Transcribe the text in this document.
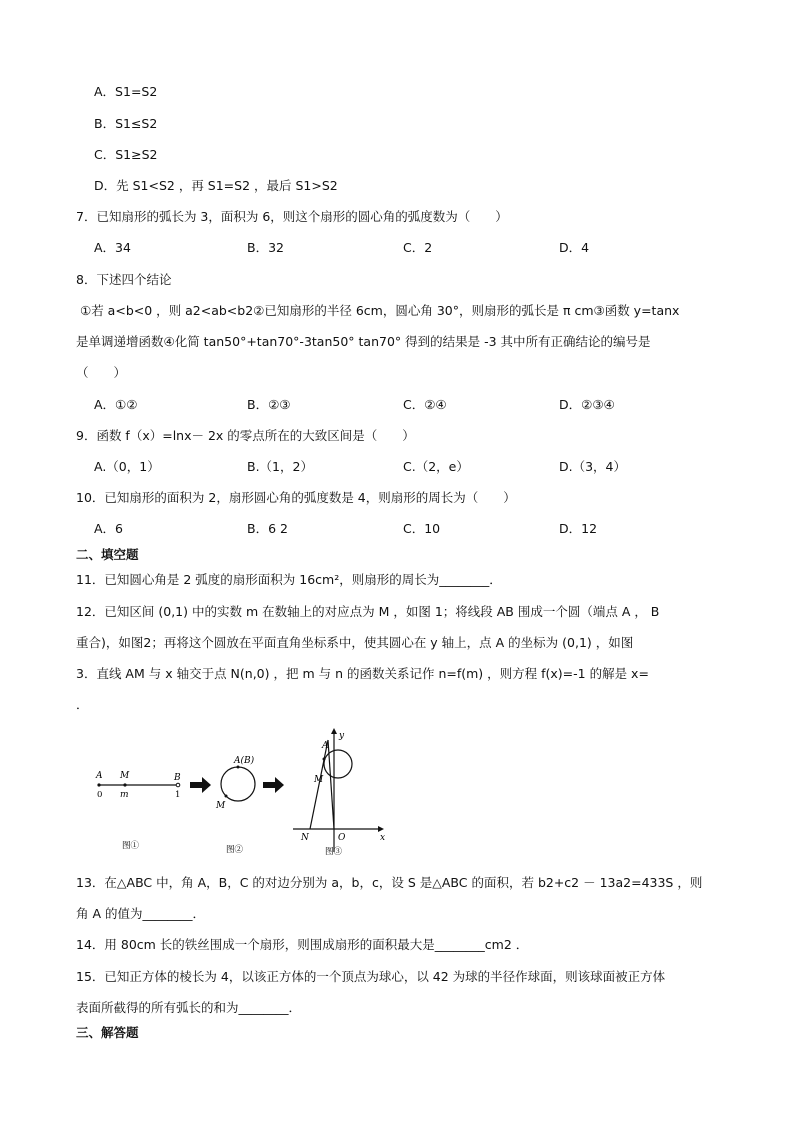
A．S1=S2
B．S1≤S2
C．S1≥S2
D．先 S1<S2 ，再 S1=S2 ，最后 S1>S2
7．已知扇形的弧长为 3，面积为 6，则这个扇形的圆心角的弧度数为（　　）
A．34	B．32	C．2	D．4
8．下述四个结论
①若 a<b<0 ，则 a2<ab<b2②已知扇形的半径 6cm，圆心角 30°，则扇形的弧长是 π cm③函数 y=tanx
是单调递增函数④化简 tan50°+tan70°-3tan50° tan70° 得到的结果是 -3 其中所有正确结论的编号是
（　　）
A．①②	B．②③	C．②④	D．②③④
9．函数 f（x）=lnx－ 2x 的零点所在的大致区间是（　　）
A.（0，1）	B.（1，2）	C.（2，e）	D.（3，4）
10．已知扇形的面积为 2，扇形圆心角的弧度数是 4，则扇形的周长为（　　）
A．6	B．6 2	C．10	D．12
二、填空题
11．已知圆心角是 2 弧度的扇形面积为 16cm²，则扇形的周长为________．
12．已知区间 (0,1) 中的实数 m 在数轴上的对应点为 M ，如图 1；将线段 AB 围成一个圆（端点 A ， B
重合)，如图2；再将这个圆放在平面直角坐标系中，使其圆心在 y 轴上，点 A 的坐标为 (0,1) ，如图
3．直线 AM 与 x 轴交于点 N(n,0) ，把 m 与 n 的函数关系记作 n=f(m) ，则方程 f(x)=-1 的解是 x=
．
A M	B
0 m	1
图①
A(B)
M
图②
y
A
M
N	O	x
图③
13．在△ABC 中，角 A，B，C 的对边分别为 a，b，c，设 S 是△ABC 的面积，若 b2+c2 － 13a2=433S ，则
角 A 的值为________．
14．用 80cm 长的铁丝围成一个扇形，则围成扇形的面积最大是________cm2 ．
15．已知正方体的棱长为 4，以该正方体的一个顶点为球心，以 42 为球的半径作球面，则该球面被正方体
表面所截得的所有弧长的和为________．
三、解答题
